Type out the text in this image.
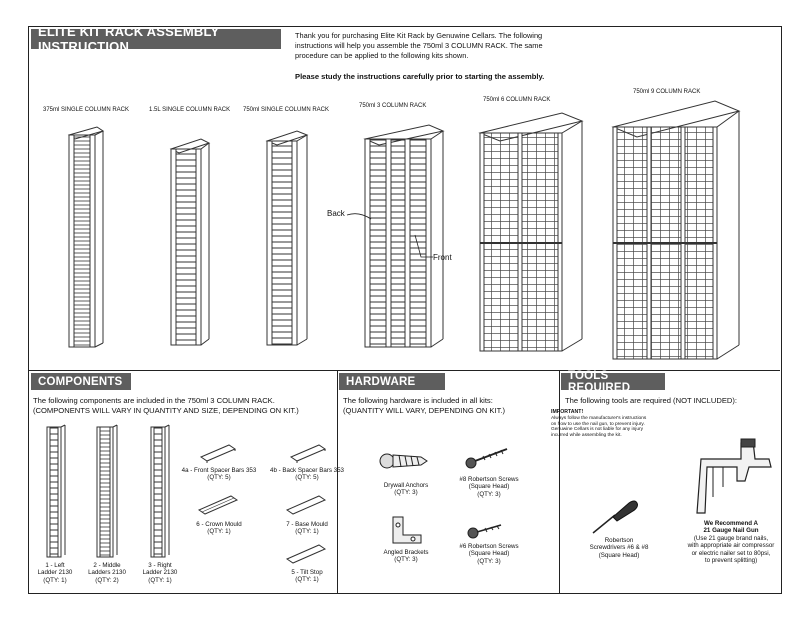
ELITE KIT RACK ASSEMBLY INSTRUCTION
Thank you for purchasing Elite Kit Rack by Genuwine Cellars. The following instructions will help you assemble the 750ml 3 COLUMN RACK. The same procedure can be applied to the following kits shown.
Please study the instructions carefully prior to starting the assembly.
375ml SINGLE COLUMN RACK	1.5L SINGLE COLUMN RACK 750ml SINGLE COLUMN RACK
750ml 3 COLUMN RACK
750ml 6 COLUMN RACK
750ml 9 COLUMN RACK
Back
Front
COMPONENTS
The following components are included in the 750ml 3 COLUMN RACK.
(COMPONENTS WILL VARY IN QUANTITY AND SIZE, DEPENDING ON KIT.)
1 - Left
Ladder 2130
(QTY: 1)
2 - Middle
Ladders 2130
(QTY: 2)
3 - Right
Ladder 2130
(QTY: 1)
4a - Front Spacer Bars 353
(QTY: 5)
4b - Back Spacer Bars 353
(QTY: 5)
6 - Crown Mould
(QTY: 1)
7 - Base Mould
(QTY: 1)
5 - Tilt Stop
(QTY: 1)
HARDWARE
The following hardware is included in all kits:
(QUANTITY WILL VARY, DEPENDING ON KIT.)
Drywall Anchors
(QTY: 3)
#8 Robertson Screws
(Square Head)
(QTY: 3)
Angled Brackets
(QTY: 3)
#6 Robertson Screws
(Square Head)
(QTY: 3)
TOOLS REQUIRED
The following tools are required (NOT INCLUDED):
IMPORTANT!
Always follow the manufacturer's instructions on how to use the nail gun, to prevent injury. Genuwine Cellars is not liable for any injury incurred while assembling the kit.
Robertson
Screwdrivers #6 & #8
(Square Head)
We Recommend A
21 Gauge Nail Gun
(Use 21 gauge brand nails,
with appropriate air compressor
or electric nailer set to 80psi,
to prevent splitting)
